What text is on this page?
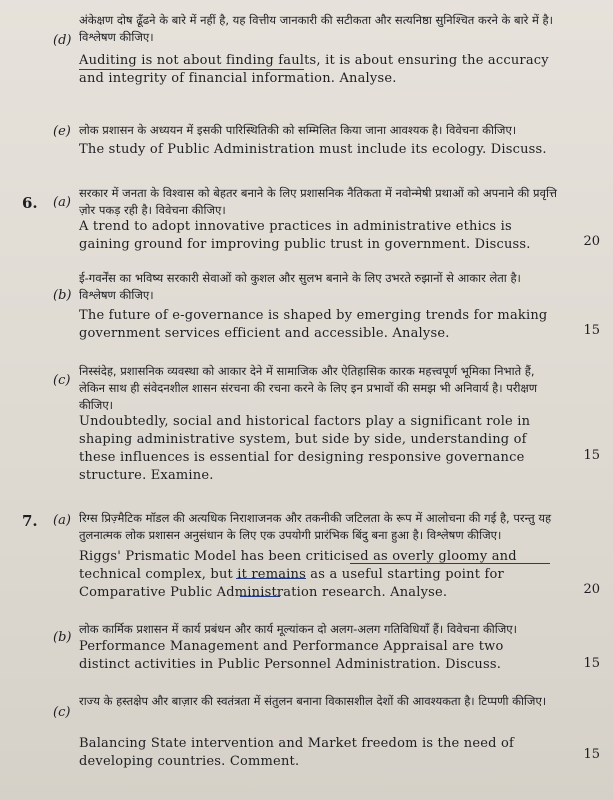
(d)
अंकेक्षण दोष ढूँढने के बारे में नहीं है, यह वित्तीय जानकारी की सटीकता और सत्यनिष्ठा सुनिश्चित करने के बारे में है। विश्लेषण कीजिए।
Auditing is not about finding faults, it is about ensuring the accuracy and integrity of financial information. Analyse.
(e) लोक प्रशासन के अध्ययन में इसकी पारिस्थितिकी को सम्मिलित किया जाना आवश्यक है। विवेचना कीजिए।
The study of Public Administration must include its ecology. Discuss.
6. (a)
सरकार में जनता के विश्वास को बेहतर बनाने के लिए प्रशासनिक नैतिकता में नवोन्मेषी प्रथाओं को अपनाने की प्रवृत्ति ज़ोर पकड़ रही है। विवेचना कीजिए।
A trend to adopt innovative practices in administrative ethics is gaining ground for improving public trust in government. Discuss.	20
(b)
ई-गवर्नेंस का भविष्य सरकारी सेवाओं को कुशल और सुलभ बनाने के लिए उभरते रुझानों से आकार लेता है। विश्लेषण कीजिए।
The future of e-governance is shaped by emerging trends for making government services efficient and accessible. Analyse.	15
(c)
निस्संदेह, प्रशासनिक व्यवस्था को आकार देने में सामाजिक और ऐतिहासिक कारक महत्त्वपूर्ण भूमिका निभाते हैं, लेकिन साथ ही संवेदनशील शासन संरचना की रचना करने के लिए इन प्रभावों की समझ भी अनिवार्य है। परीक्षण कीजिए।
Undoubtedly, social and historical factors play a significant role in shaping administrative system, but side by side, understanding of these influences is essential for designing responsive governance structure. Examine.
15
7. (a) रिग्स प्रिज़्मैटिक मॉडल की अत्यधिक निराशाजनक और तकनीकी जटिलता के रूप में आलोचना की गई है, परन्तु यह तुलनात्मक लोक प्रशासन अनुसंधान के लिए एक उपयोगी प्रारंभिक बिंदु बना हुआ है। विश्लेषण कीजिए।
Riggs' Prismatic Model has been criticised as overly gloomy and technical complex, but it remains as a useful starting point for Comparative Public Administration research. Analyse.	20
(b)
लोक कार्मिक प्रशासन में कार्य प्रबंधन और कार्य मूल्यांकन दो अलग-अलग गतिविधियाँ हैं। विवेचना कीजिए।
Performance Management and Performance Appraisal are two distinct activities in Public Personnel Administration. Discuss.	15
(c)
राज्य के हस्तक्षेप और बाज़ार की स्वतंत्रता में संतुलन बनाना विकासशील देशों की आवश्यकता है। टिप्पणी कीजिए।
Balancing State intervention and Market freedom is the need of developing countries. Comment.	15
